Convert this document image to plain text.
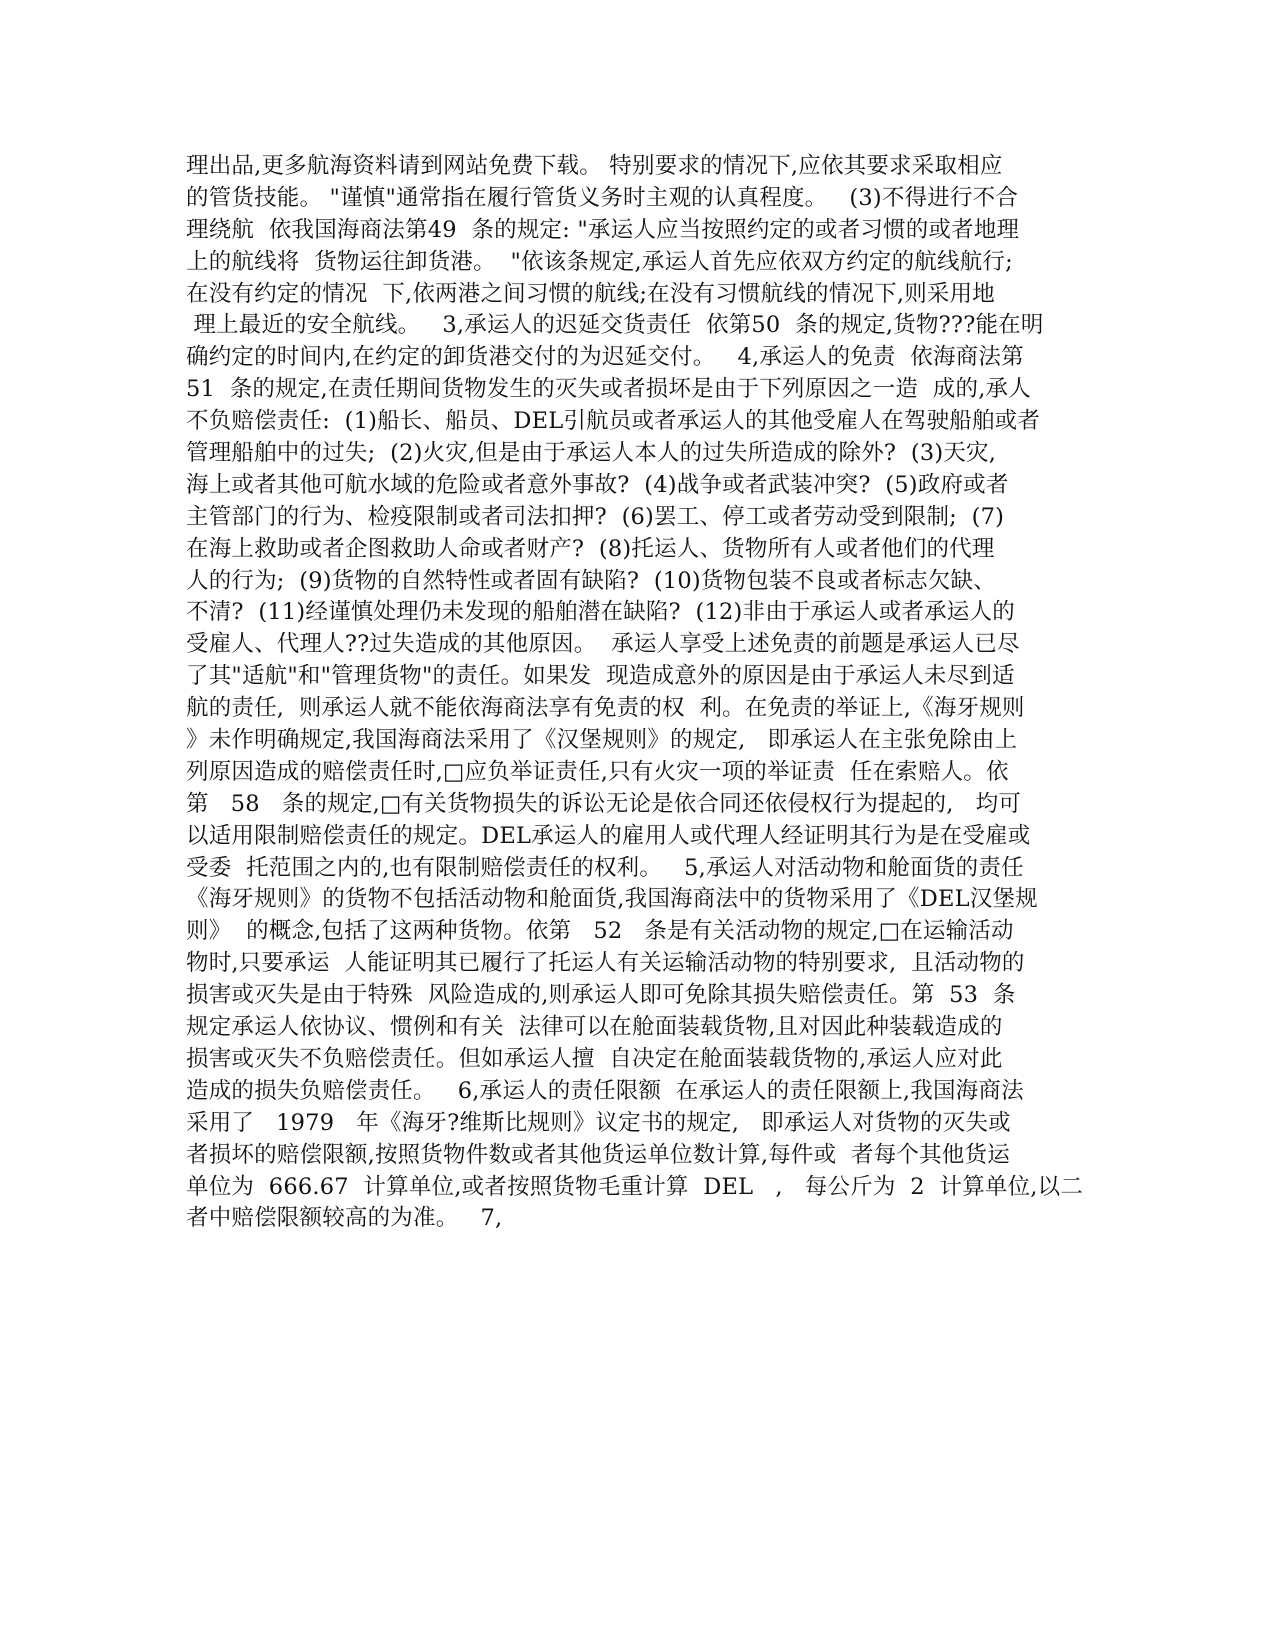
理出品,更多航海资料请到网站免费下载。 特别要求的情况下,应依其要求采取相应
的管货技能。 "谨慎"通常指在履行管货义务时主观的认真程度。   (3)不得进行不合
理绕航  依我国海商法第49  条的规定: "承运人应当按照约定的或者习惯的或者地理
上的航线将  货物运往卸货港。  "依该条规定,承运人首先应依双方约定的航线航行;
在没有约定的情况  下,依两港之间习惯的航线;在没有习惯航线的情况下,则采用地
理上最近的安全航线。   3,承运人的迟延交货责任  依第50  条的规定,货物???能在明
确约定的时间内,在约定的卸货港交付的为迟延交付。   4,承运人的免责  依海商法第
51  条的规定,在责任期间货物发生的灭失或者损坏是由于下列原因之一造  成的,承人
不负赔偿责任:  (1)船长、船员、DEL引航员或者承运人的其他受雇人在驾驶船舶或者
管理船舶中的过失;  (2)火灾,但是由于承运人本人的过失所造成的除外?  (3)天灾,
海上或者其他可航水域的危险或者意外事故?  (4)战争或者武装冲突?  (5)政府或者
主管部门的行为、检疫限制或者司法扣押?  (6)罢工、停工或者劳动受到限制;  (7)
在海上救助或者企图救助人命或者财产?  (8)托运人、货物所有人或者他们的代理
人的行为;  (9)货物的自然特性或者固有缺陷?  (10)货物包装不良或者标志欠缺、
不清?  (11)经谨慎处理仍未发现的船舶潜在缺陷?  (12)非由于承运人或者承运人的
受雇人、代理人??过失造成的其他原因。  承运人享受上述免责的前题是承运人已尽
了其"适航"和"管理货物"的责任。如果发  现造成意外的原因是由于承运人未尽到适
航的责任,  则承运人就不能依海商法享有免责的权  利。在免责的举证上,《海牙规则
》未作明确规定,我国海商法采用了《汉堡规则》的规定,   即承运人在主张免除由上
列原因造成的赔偿责任时,□应负举证责任,只有火灾一项的举证责  任在索赔人。依
第   58   条的规定,□有关货物损失的诉讼无论是依合同还依侵权行为提起的,   均可
以适用限制赔偿责任的规定。DEL承运人的雇用人或代理人经证明其行为是在受雇或
受委  托范围之内的,也有限制赔偿责任的权利。   5,承运人对活动物和舱面货的责任
《海牙规则》的货物不包括活动物和舱面货,我国海商法中的货物采用了《DEL汉堡规
则》  的概念,包括了这两种货物。依第   52   条是有关活动物的规定,□在运输活动
物时,只要承运  人能证明其已履行了托运人有关运输活动物的特别要求,  且活动物的
损害或灭失是由于特殊  风险造成的,则承运人即可免除其损失赔偿责任。第  53  条
规定承运人依协议、惯例和有关  法律可以在舱面装载货物,且对因此种装载造成的
损害或灭失不负赔偿责任。但如承运人擅  自决定在舱面装载货物的,承运人应对此
造成的损失负赔偿责任。   6,承运人的责任限额  在承运人的责任限额上,我国海商法
采用了   1979   年《海牙?维斯比规则》议定书的规定,   即承运人对货物的灭失或
者损坏的赔偿限额,按照货物件数或者其他货运单位数计算,每件或  者每个其他货运
单位为  666.67  计算单位,或者按照货物毛重计算  DEL   ,   每公斤为  2  计算单位,以二
者中赔偿限额较高的为准。   7,
